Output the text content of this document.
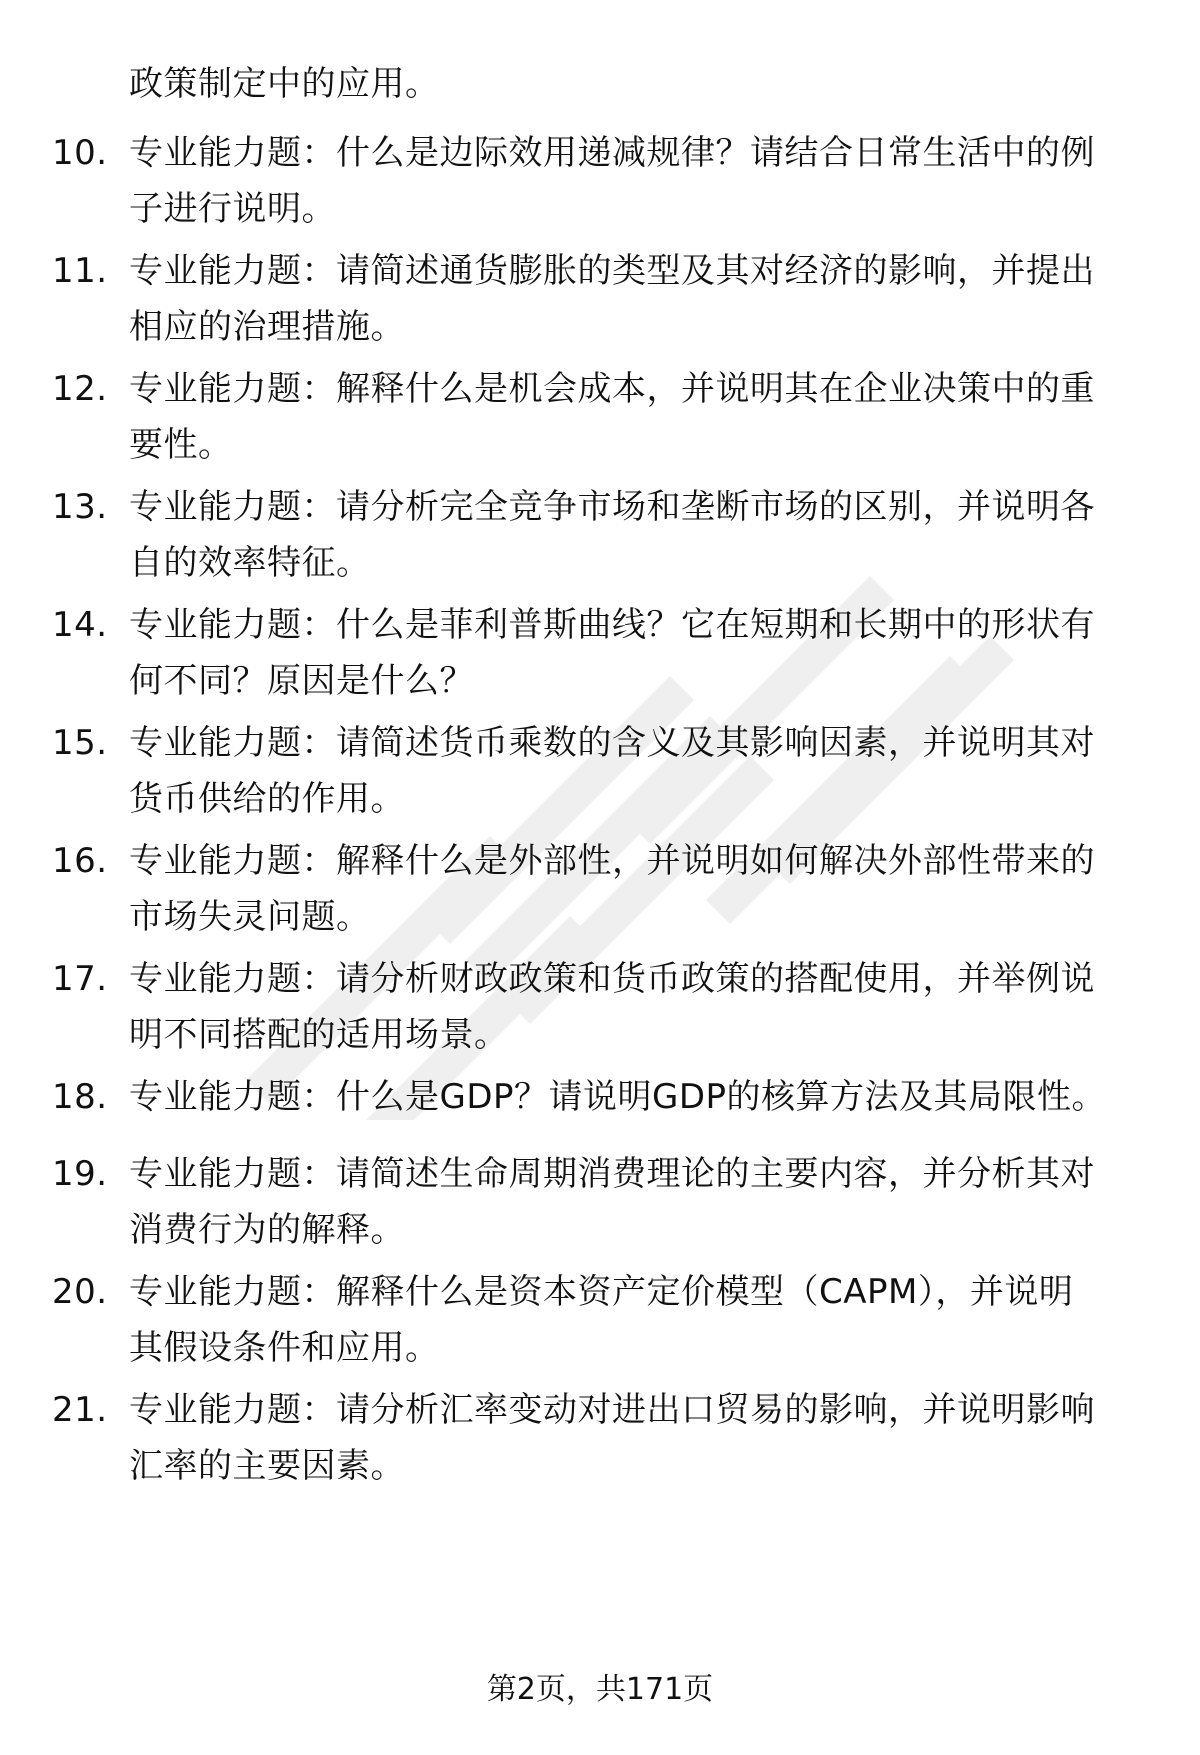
政策制定中的应用。
10. 专业能力题：什么是边际效用递减规律？请结合日常生活中的例
子进行说明。
11. 专业能力题：请简述通货膨胀的类型及其对经济的影响，并提出
相应的治理措施。
12. 专业能力题：解释什么是机会成本，并说明其在企业决策中的重
要性。
13. 专业能力题：请分析完全竞争市场和垄断市场的区别，并说明各
自的效率特征。
14. 专业能力题：什么是菲利普斯曲线？它在短期和长期中的形状有
何不同？原因是什么？
15. 专业能力题：请简述货币乘数的含义及其影响因素，并说明其对
货币供给的作用。
16. 专业能力题：解释什么是外部性，并说明如何解决外部性带来的
市场失灵问题。
17. 专业能力题：请分析财政政策和货币政策的搭配使用，并举例说
明不同搭配的适用场景。
18. 专业能力题：什么是GDP？请说明GDP的核算方法及其局限性。
19. 专业能力题：请简述生命周期消费理论的主要内容，并分析其对
消费行为的解释。
20. 专业能力题：解释什么是资本资产定价模型（CAPM），并说明
其假设条件和应用。
21. 专业能力题：请分析汇率变动对进出口贸易的影响，并说明影响
汇率的主要因素。
第2页，共171页
